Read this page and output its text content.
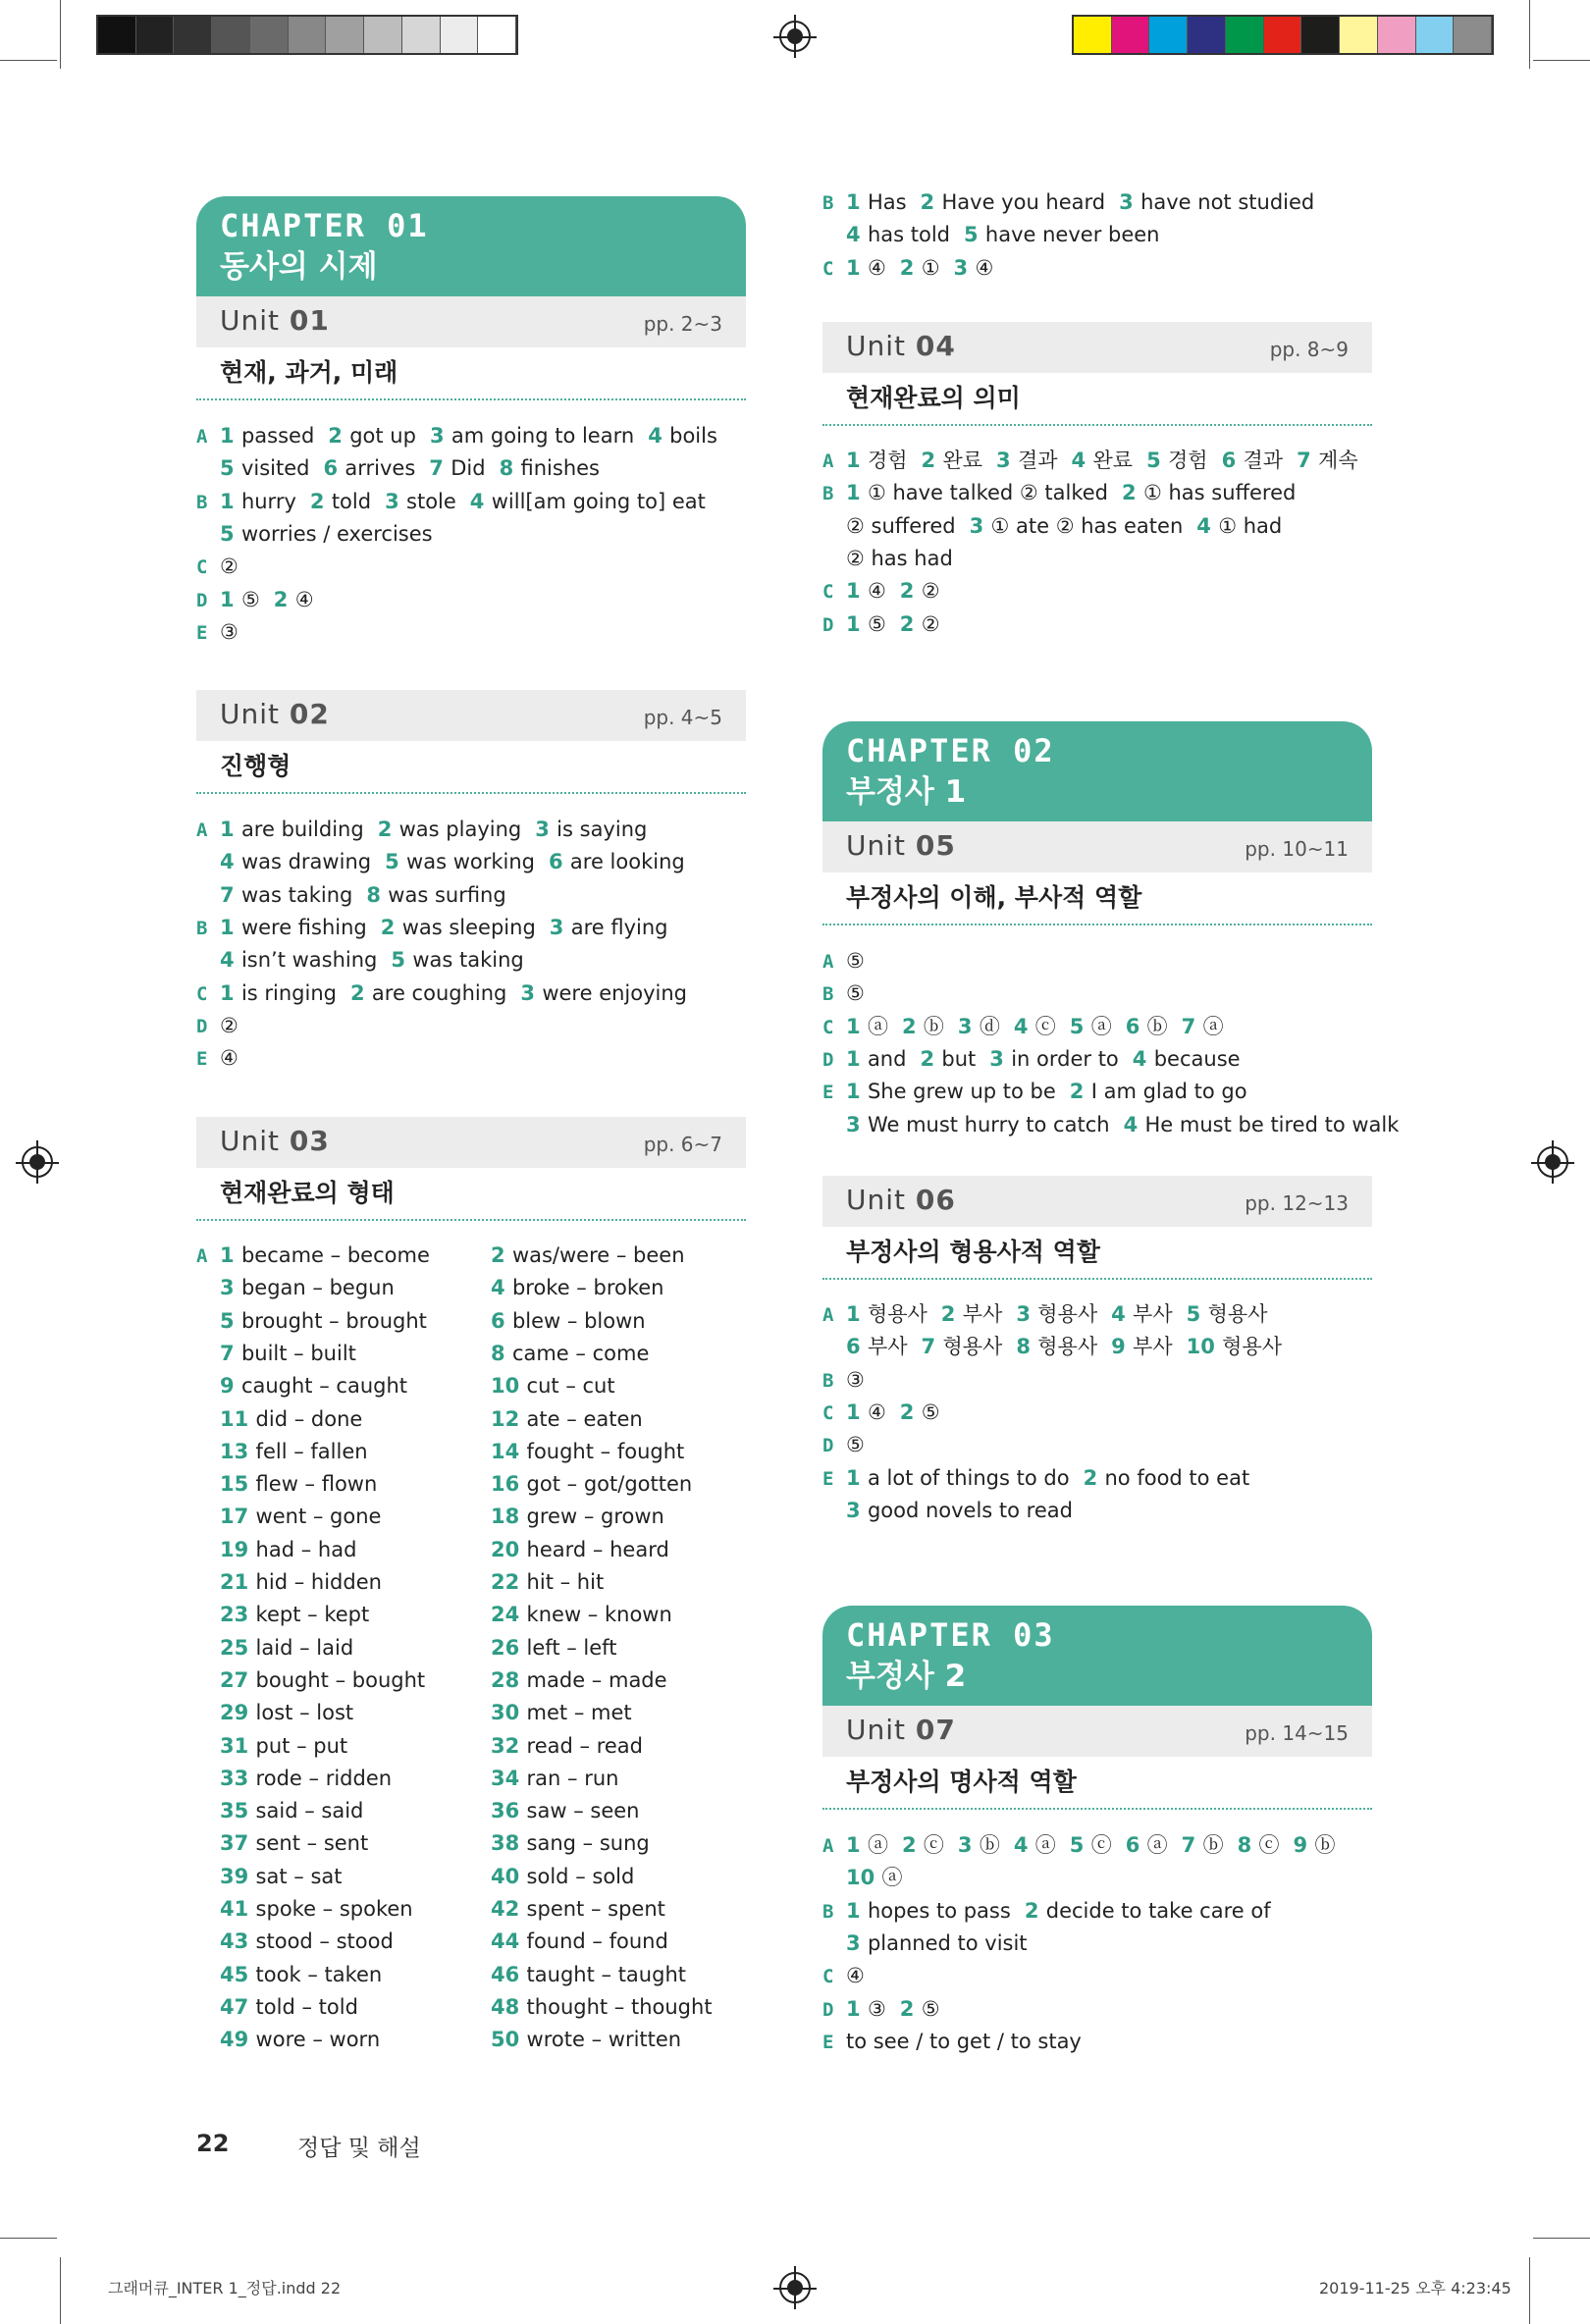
CHAPTER 01
동사의 시제
Unit 01	pp. 2~3
현재, 과거, 미래
A 1 passed 2 got up 3 am going to learn 4 boils
5 visited 6 arrives 7 Did 8 finishes
B 1 hurry 2 told 3 stole 4 will[am going to] eat
5 worries / exercises
C ②
D 1 ⑤ 2 ④
E ③
Unit 02	pp. 4~5
진행형
A 1 are building 2 was playing 3 is saying
4 was drawing 5 was working 6 are looking
7 was taking 8 was surfing
B 1 were fishing 2 was sleeping 3 are flying
4 isn’t washing 5 was taking
C 1 is ringing 2 are coughing 3 were enjoying
D ②
E ④
Unit 03	pp. 6~7
현재완료의 형태
A 1 became – become	2 was/were – been
3 began – begun	4 broke – broken
5 brought – brought	6 blew – blown
7 built – built	8 came – come
9 caught – caught	10 cut – cut
11 did – done	12 ate – eaten
13 fell – fallen	14 fought – fought
15 flew – flown	16 got – got/gotten
17 went – gone	18 grew – grown
19 had – had	20 heard – heard
21 hid – hidden	22 hit – hit
23 kept – kept	24 knew – known
25 laid – laid	26 left – left
27 bought – bought	28 made – made
29 lost – lost	30 met – met
31 put – put	32 read – read
33 rode – ridden	34 ran – run
35 said – said	36 saw – seen
37 sent – sent	38 sang – sung
39 sat – sat	40 sold – sold
41 spoke – spoken	42 spent – spent
43 stood – stood	44 found – found
45 took – taken	46 taught – taught
47 told – told	48 thought – thought
49 wore – worn	50 wrote – written
B 1 Has 2 Have you heard 3 have not studied
4 has told 5 have never been
C 1 ④ 2 ① 3 ④
Unit 04	pp. 8~9
현재완료의 의미
A 1 경험 2 완료 3 결과 4 완료 5 경험 6 결과 7 계속
B 1 ① have talked ② talked 2 ① has suffered
② suffered 3 ① ate ② has eaten 4 ① had
② has had
C 1 ④ 2 ②
D 1 ⑤ 2 ②
CHAPTER 02
부정사 1
Unit 05	pp. 10~11
부정사의 이해, 부사적 역할
A ⑤
B ⑤
C 1 ⓐ 2 ⓑ 3 ⓓ 4 ⓒ 5 ⓐ 6 ⓑ 7 ⓐ
D 1 and 2 but 3 in order to 4 because
E 1 She grew up to be 2 I am glad to go
3 We must hurry to catch 4 He must be tired to walk
Unit 06	pp. 12~13
부정사의 형용사적 역할
A 1 형용사 2 부사 3 형용사 4 부사 5 형용사
6 부사 7 형용사 8 형용사 9 부사 10 형용사
B ③
C 1 ④ 2 ⑤
D ⑤
E 1 a lot of things to do 2 no food to eat
3 good novels to read
CHAPTER 03
부정사 2
Unit 07	pp. 14~15
부정사의 명사적 역할
A 1 ⓐ 2 ⓒ 3 ⓑ 4 ⓐ 5 ⓒ 6 ⓐ 7 ⓑ 8 ⓒ 9 ⓑ
10 ⓐ
B 1 hopes to pass 2 decide to take care of
3 planned to visit
C ④
D 1 ③ 2 ⑤
E to see / to get / to stay
22	정답 및 해설
그래머큐_INTER 1_정답.indd 22	2019-11-25 오후 4:23:45
